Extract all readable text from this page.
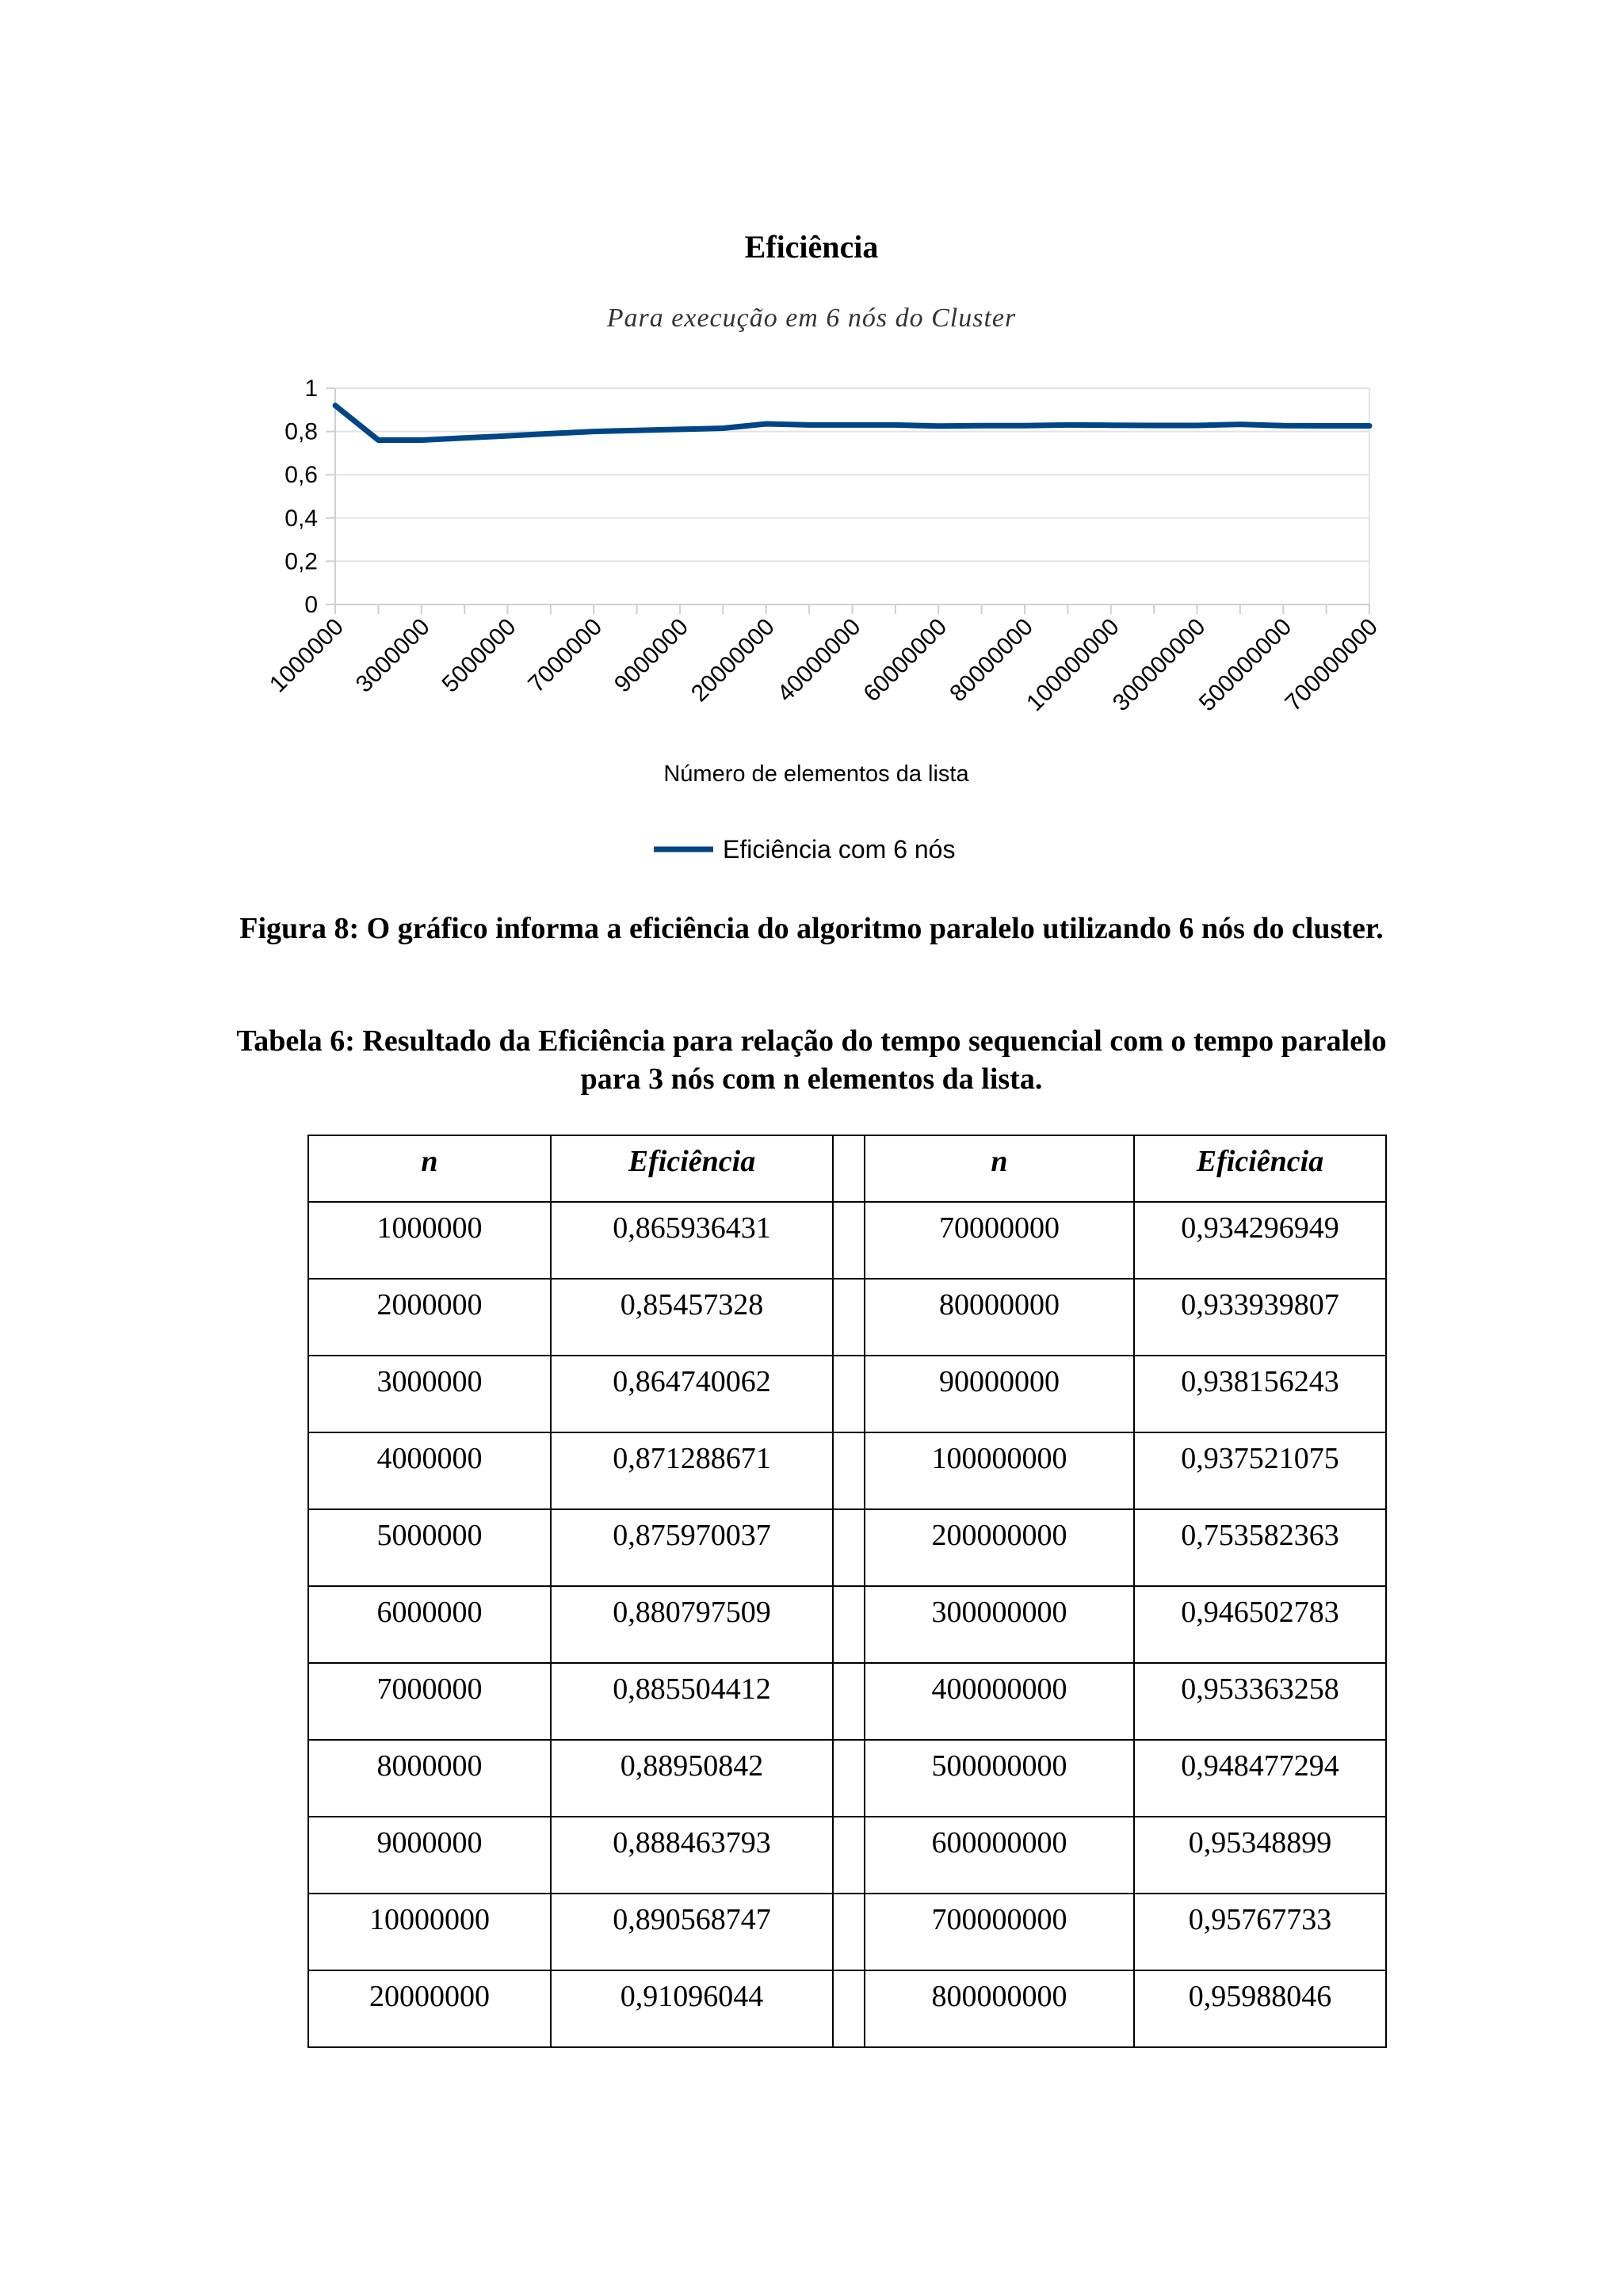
Eficiência
Para execução em 6 nós do Cluster
0
0,2
0,4
0,6
0,8
1
1000000 3000000 5000000 7000000 9000000
20000000
40000000
60000000
80000000
100000000
300000000
500000000
700000000
Número de elementos da lista
Eficiência com 6 nós

Figura 8: O gráfico informa a eficiência do algoritmo paralelo utilizando 6 nós do cluster.

Tabela 6: Resultado da Eficiência para relação do tempo sequencial com o tempo paralelo para 3 nós com n elementos da lista.

n	Eficiência		n	Eficiência
1000000	0,865936431		70000000	0,934296949
2000000	0,85457328		80000000	0,933939807
3000000	0,864740062		90000000	0,938156243
4000000	0,871288671		100000000	0,937521075
5000000	0,875970037		200000000	0,753582363
6000000	0,880797509		300000000	0,946502783
7000000	0,885504412		400000000	0,953363258
8000000	0,88950842		500000000	0,948477294
9000000	0,888463793		600000000	0,95348899
10000000	0,890568747		700000000	0,95767733
20000000	0,91096044		800000000	0,95988046
